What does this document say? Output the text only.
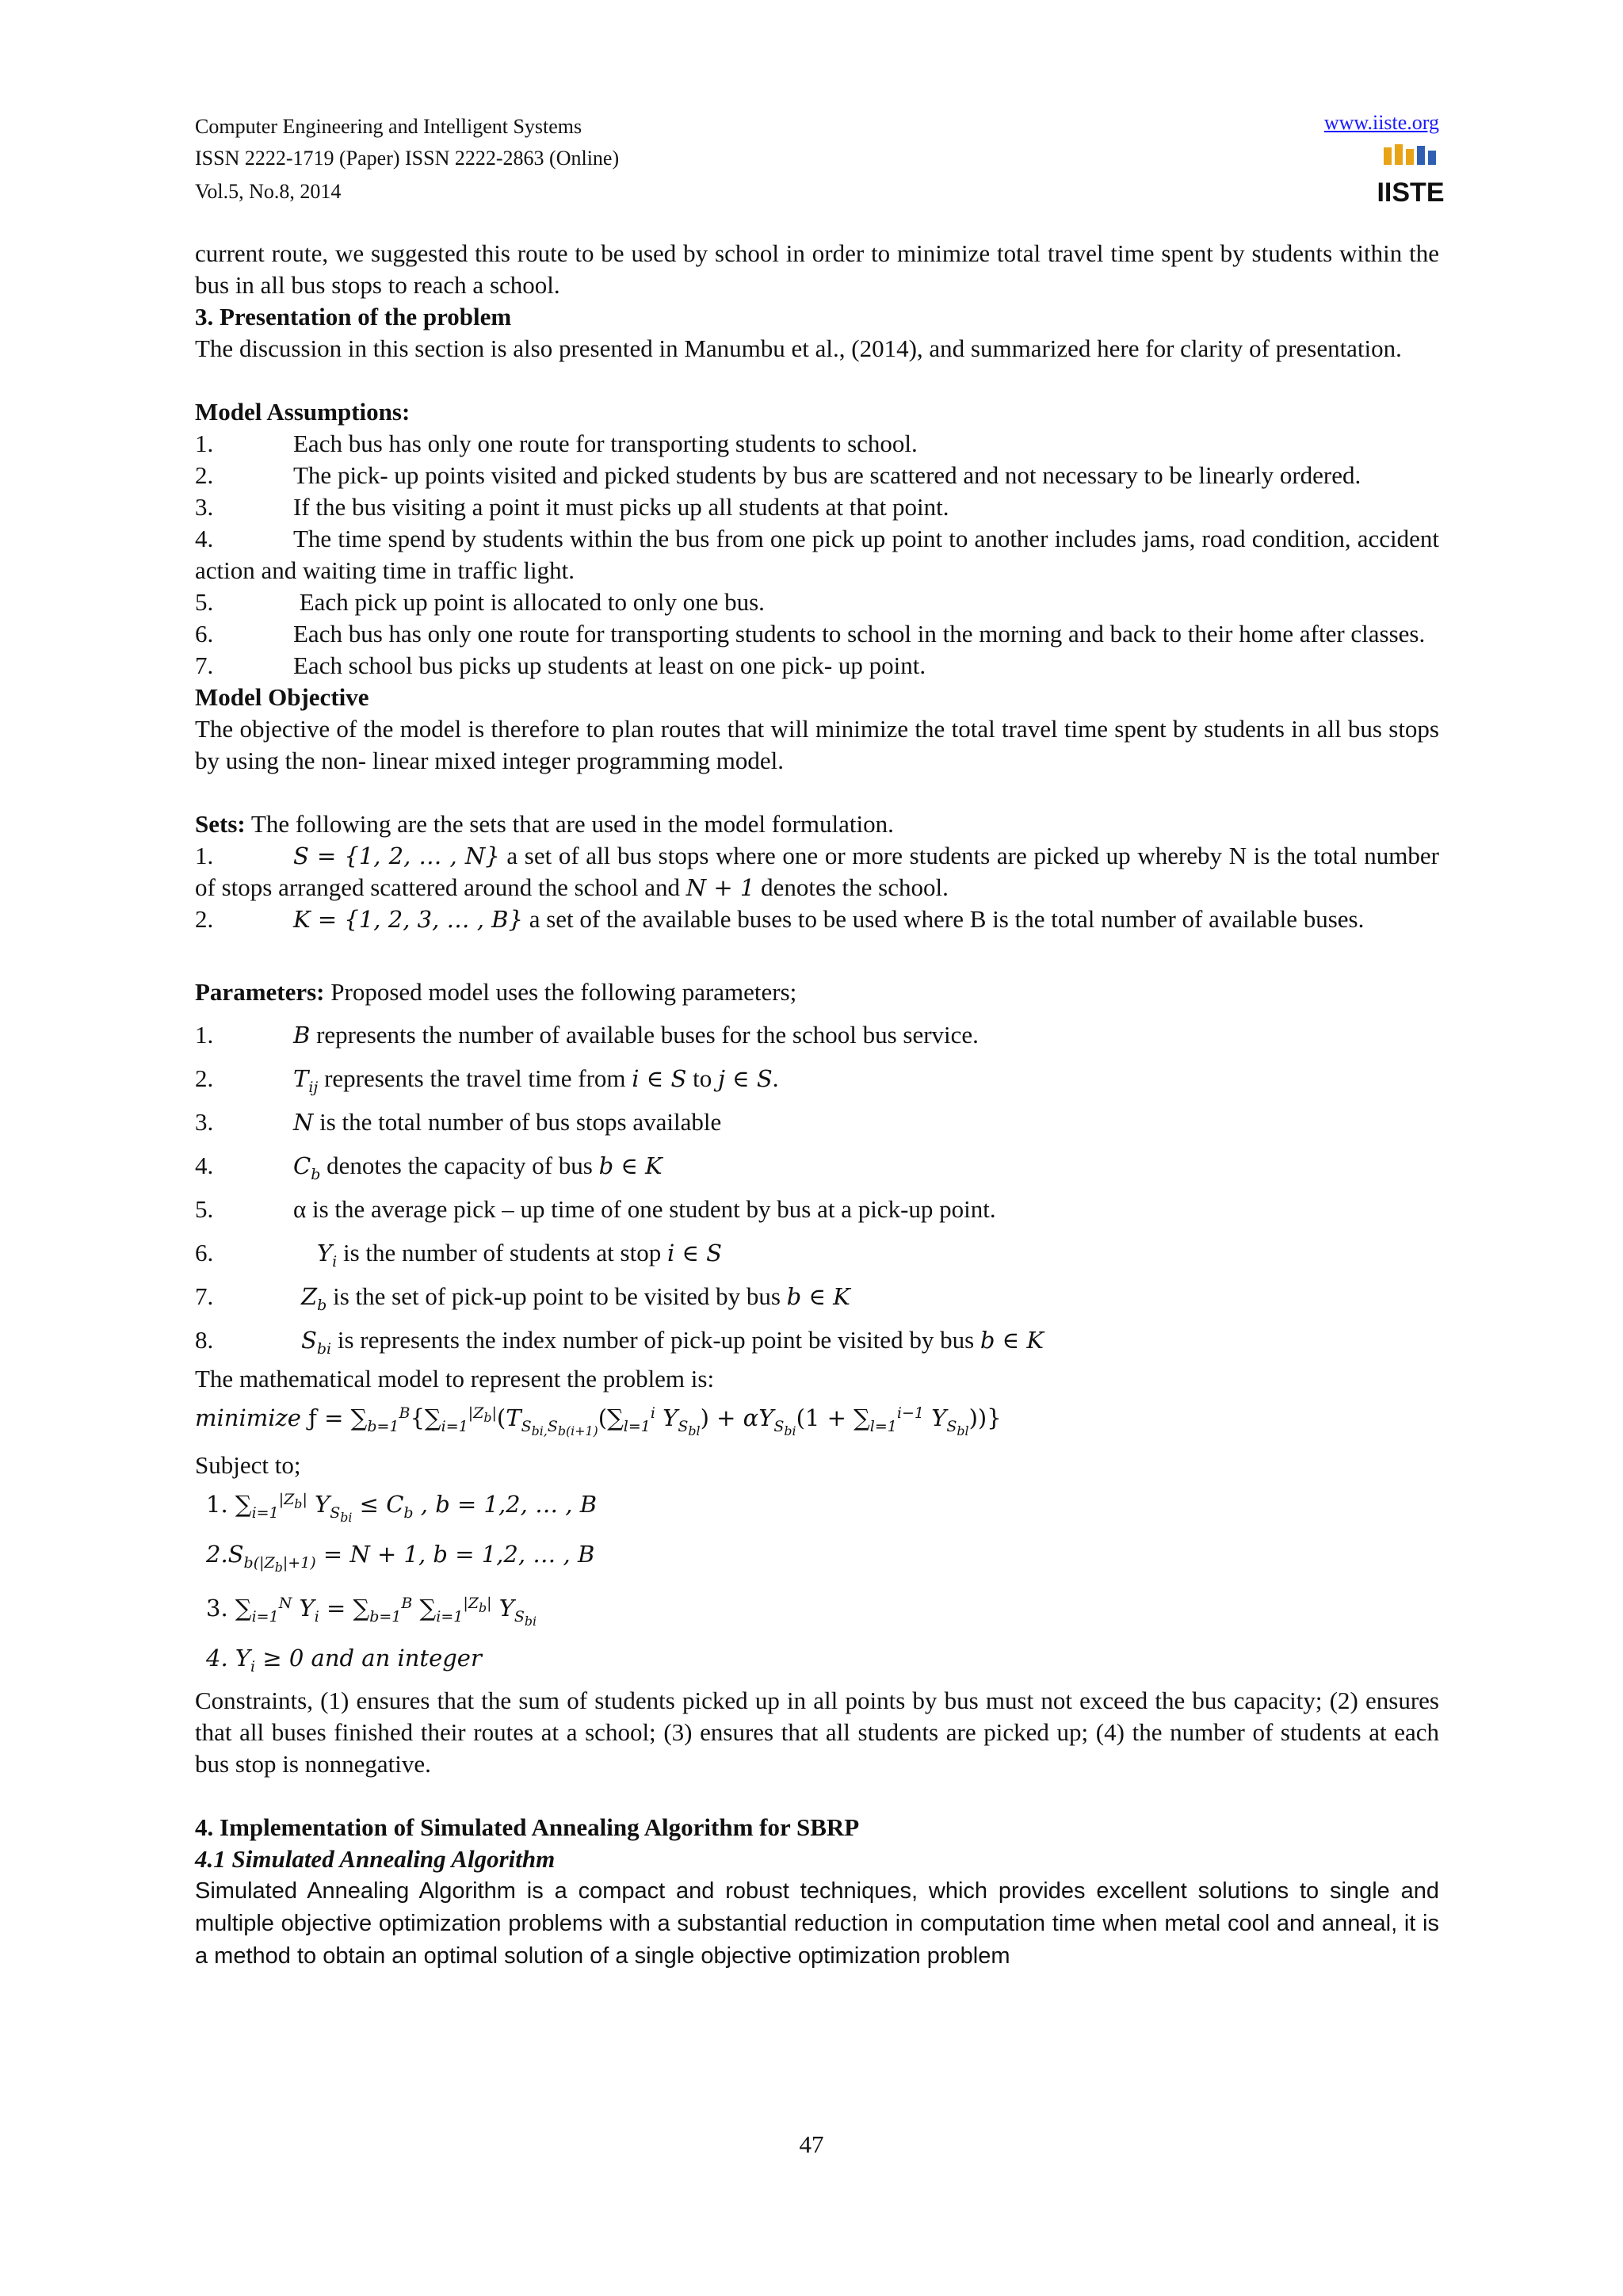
Computer Engineering and Intelligent Systems
ISSN 2222-1719 (Paper) ISSN 2222-2863 (Online)
Vol.5, No.8, 2014
www.iiste.org
IISTE

current route, we suggested this route to be used by school in order to minimize total travel time spent by students within the bus in all bus stops to reach a school.

3. Presentation of the problem

The discussion in this section is also presented in Manumbu et al., (2014), and summarized here for clarity of presentation.

Model Assumptions:

1.	Each bus has only one route for transporting students to school.

2.	The pick- up points visited and picked students by bus are scattered and not necessary to be linearly ordered.

3.	If the bus visiting a point it must picks up all students at that point.

4.	The time spend by students within the bus from one pick up point to another includes jams, road condition, accident action and waiting time in traffic light.

5.	Each pick up point is allocated to only one bus.

6.	Each bus has only one route for transporting students to school in the morning and back to their home after classes.

7.	Each school bus picks up students at least on one pick- up point.

Model Objective

The objective of the model is therefore to plan routes that will minimize the total travel time spent by students in all bus stops by using the non- linear mixed integer programming model.

Sets: The following are the sets that are used in the model formulation.

1.	S = {1, 2, … , N} a set of all bus stops where one or more students are picked up whereby N is the total number of stops arranged scattered around the school and N + 1 denotes the school.

2.	K = {1, 2, 3, … , B} a set of the available buses to be used where B is the total number of available buses.

Parameters: Proposed model uses the following parameters;

1.	B represents the number of available buses for the school bus service.
2.	$T_{ij}$ represents the travel time from i ∈ S to j ∈ S.
3.	N is the total number of bus stops available
4.	$C_b$ denotes the capacity of bus b ∈ K
5.	α is the average pick – up time of one student by bus at a pick-up point.
6.	$Y_i$ is the number of students at stop i ∈ S
7.	$Z_b$ is the set of pick-up point to be visited by bus b ∈ K
8.	$S_{bi}$ is represents the index number of pick-up point be visited by bus b ∈ K

The mathematical model to represent the problem is:

minimize ƒ = $\sum_{b=1}^B\{\sum_{i=1}^{|Z_b|}(T_{S_{bi,}S_{b(i+1)}}(\sum_{l=1}^i$ $Y_{S_{bl}}) + \alpha Y_{S_{bi}}(1 + \sum_{l=1}^{i-1}$ $Y_{S_{bl}}$))}

Subject to;

1. $\sum_{i=1}^{|Z_b|}$ $Y_{S_{bi}} \le C_b$ , b = 1,2, … , B
$2.S_{b(|Z_b|+1)} = N + 1$, b = 1,2, … , B
3. $\sum_{i=1}^N$ $Y_i = \sum_{b=1}^B$ $\sum_{i=1}^{|Z_b|}$ $Y_{S_{bi}}$
4. $Y_i \ge 0$ and an integer

Constraints, (1) ensures that the sum of students picked up in all points by bus must not exceed the bus capacity; (2) ensures that all buses finished their routes at a school; (3) ensures that all students are picked up; (4) the number of students at each bus stop is nonnegative.

4. Implementation of Simulated Annealing Algorithm for SBRP
4.1 Simulated Annealing Algorithm

Simulated Annealing Algorithm is a compact and robust techniques, which provides excellent solutions to single and multiple objective optimization problems with a substantial reduction in computation time when metal cool and anneal, it is a method to obtain an optimal solution of a single objective optimization problem

47
